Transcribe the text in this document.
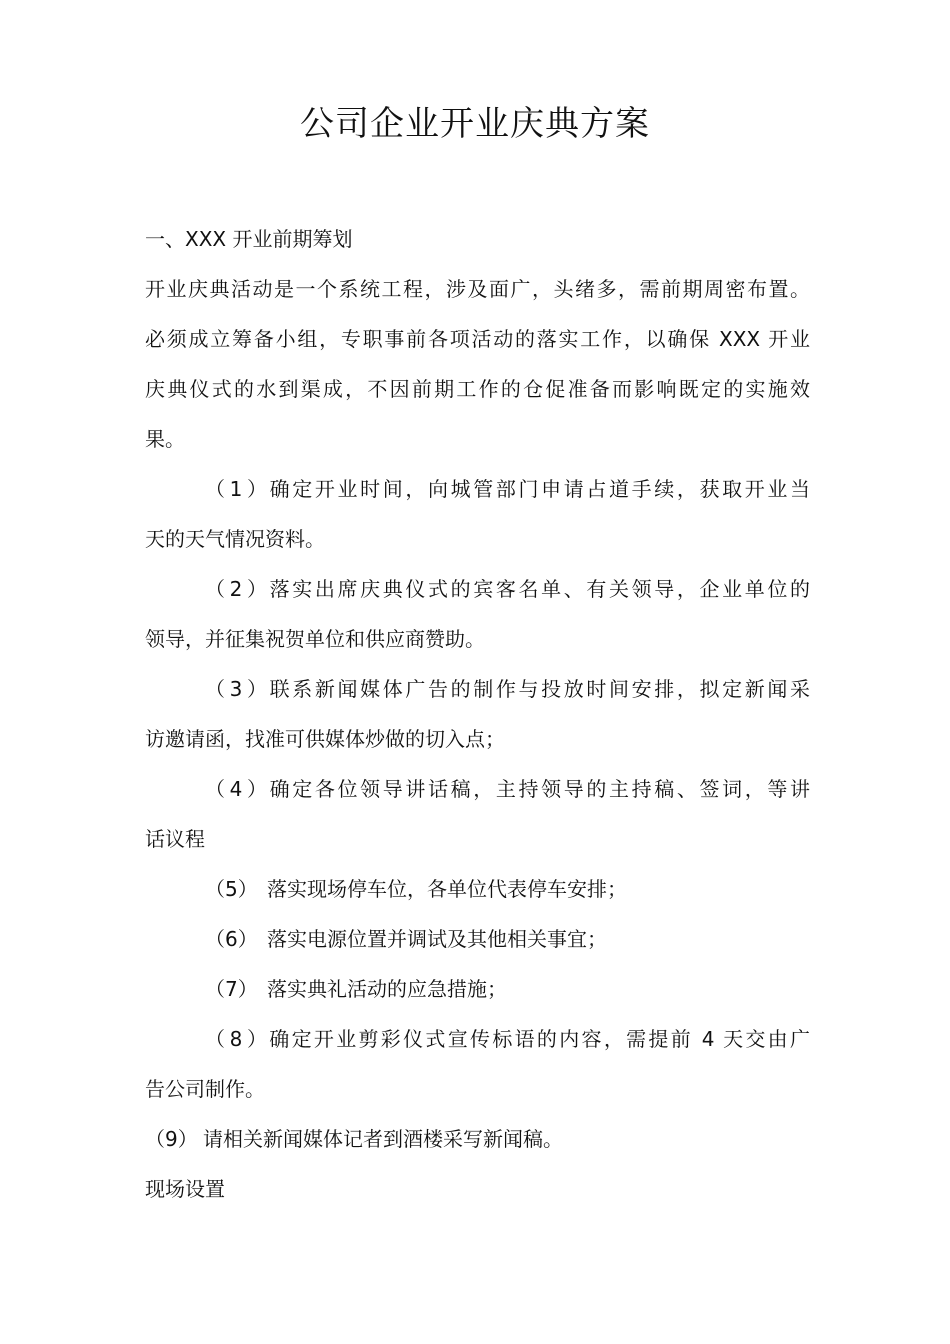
公司企业开业庆典方案
一、XXX 开业前期筹划
开业庆典活动是一个系统工程，涉及面广，头绪多，需前期周密布置。
必须成立筹备小组，专职事前各项活动的落实工作，以确保 XXX 开业
庆典仪式的水到渠成，不因前期工作的仓促准备而影响既定的实施效
果。
（1）确定开业时间，向城管部门申请占道手续，获取开业当
天的天气情况资料。
（2）落实出席庆典仪式的宾客名单、有关领导，企业单位的
领导，并征集祝贺单位和供应商赞助。
（3）联系新闻媒体广告的制作与投放时间安排，拟定新闻采
访邀请函，找准可供媒体炒做的切入点；
（4）确定各位领导讲话稿，主持领导的主持稿、签词，等讲
话议程
（5） 落实现场停车位，各单位代表停车安排；
（6） 落实电源位置并调试及其他相关事宜；
（7） 落实典礼活动的应急措施；
（8）确定开业剪彩仪式宣传标语的内容，需提前 4 天交由广
告公司制作。
（9） 请相关新闻媒体记者到酒楼采写新闻稿。
现场设置
